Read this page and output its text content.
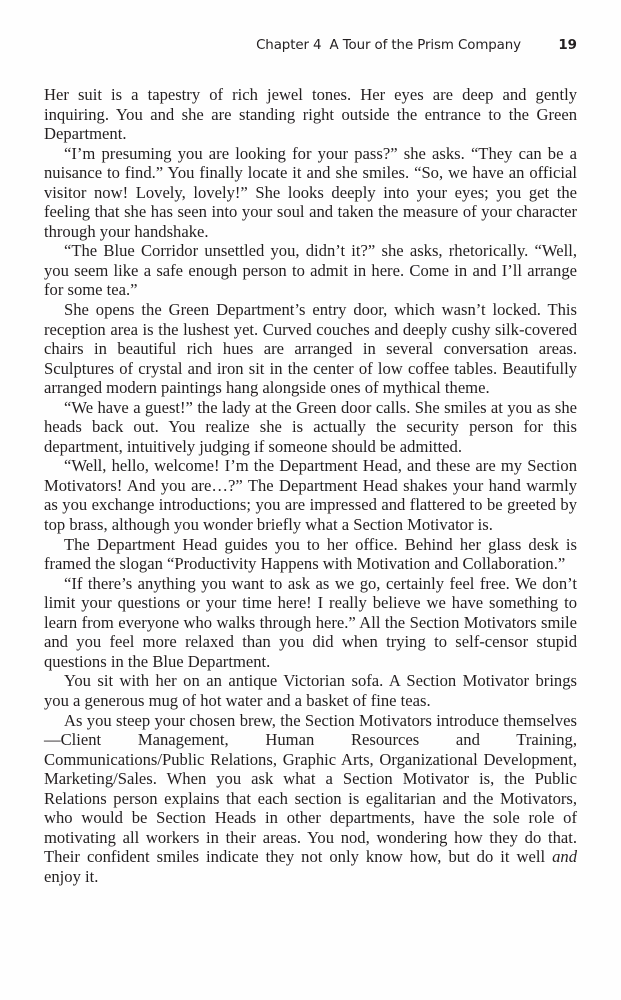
Chapter 4 A Tour of the Prism Company	19

Her suit is a tapestry of rich jewel tones. Her eyes are deep and gently inquiring. You and she are standing right outside the entrance to the Green Department.

“I’m presuming you are looking for your pass?” she asks. “They can be a nuisance to find.” You finally locate it and she smiles. “So, we have an official visitor now! Lovely, lovely!” She looks deeply into your eyes; you get the feeling that she has seen into your soul and taken the measure of your character through your handshake.

“The Blue Corridor unsettled you, didn’t it?” she asks, rhetorically. “Well, you seem like a safe enough person to admit in here. Come in and I’ll arrange for some tea.”

She opens the Green Department’s entry door, which wasn’t locked. This reception area is the lushest yet. Curved couches and deeply cushy silk-covered chairs in beautiful rich hues are arranged in several conversation areas. Sculptures of crystal and iron sit in the center of low coffee tables. Beautifully arranged modern paintings hang alongside ones of mythical theme.

“We have a guest!” the lady at the Green door calls. She smiles at you as she heads back out. You realize she is actually the security person for this department, intuitively judging if someone should be admitted.

“Well, hello, welcome! I’m the Department Head, and these are my Section Motivators! And you are…?” The Department Head shakes your hand warmly as you exchange introductions; you are impressed and flattered to be greeted by top brass, although you wonder briefly what a Section Motivator is.

The Department Head guides you to her office. Behind her glass desk is framed the slogan “Productivity Happens with Motivation and Collaboration.”

“If there’s anything you want to ask as we go, certainly feel free. We don’t limit your questions or your time here! I really believe we have something to learn from everyone who walks through here.” All the Section Motivators smile and you feel more relaxed than you did when trying to self-censor stupid questions in the Blue Department.

You sit with her on an antique Victorian sofa. A Section Motivator brings you a generous mug of hot water and a basket of fine teas.

As you steep your chosen brew, the Section Motivators introduce themselves—Client Management, Human Resources and Training, Communications/Public Relations, Graphic Arts, Organizational Development, Marketing/Sales. When you ask what a Section Motivator is, the Public Relations person explains that each section is egalitarian and the Motivators, who would be Section Heads in other departments, have the sole role of motivating all workers in their areas. You nod, wondering how they do that. Their confident smiles indicate they not only know how, but do it well and enjoy it.
